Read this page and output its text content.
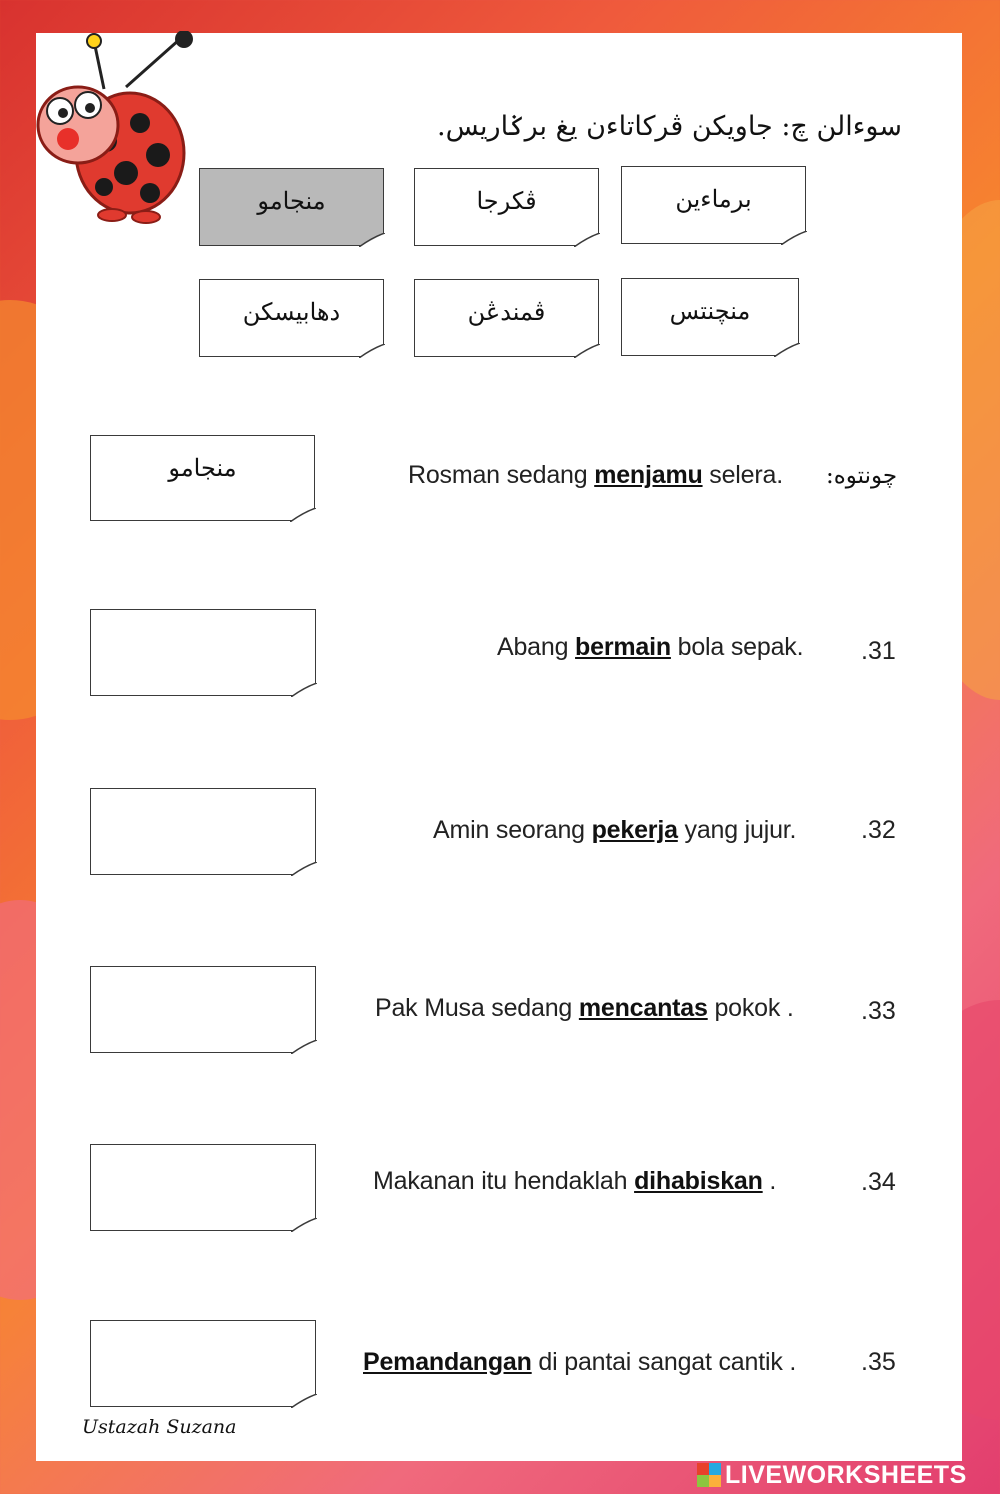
سوءالن چ: جاويکن ڤرکاتاءن يغ برݢاريس.
منجامو	ڤکرجا	برماءين
دهابيسکن	ڤمندڠن	منچنتس
منجامو	Rosman sedang menjamu selera. چونتوه:
Abang bermain bola sepak. .31
Amin seorang pekerja yang jujur.	.32
Pak Musa sedang mencantas pokok .	.33
Makanan itu hendaklah dihabiskan .	.34
Pemandangan di pantai sangat cantik .	.35
Ustazah Suzana
LIVEWORKSHEETS
